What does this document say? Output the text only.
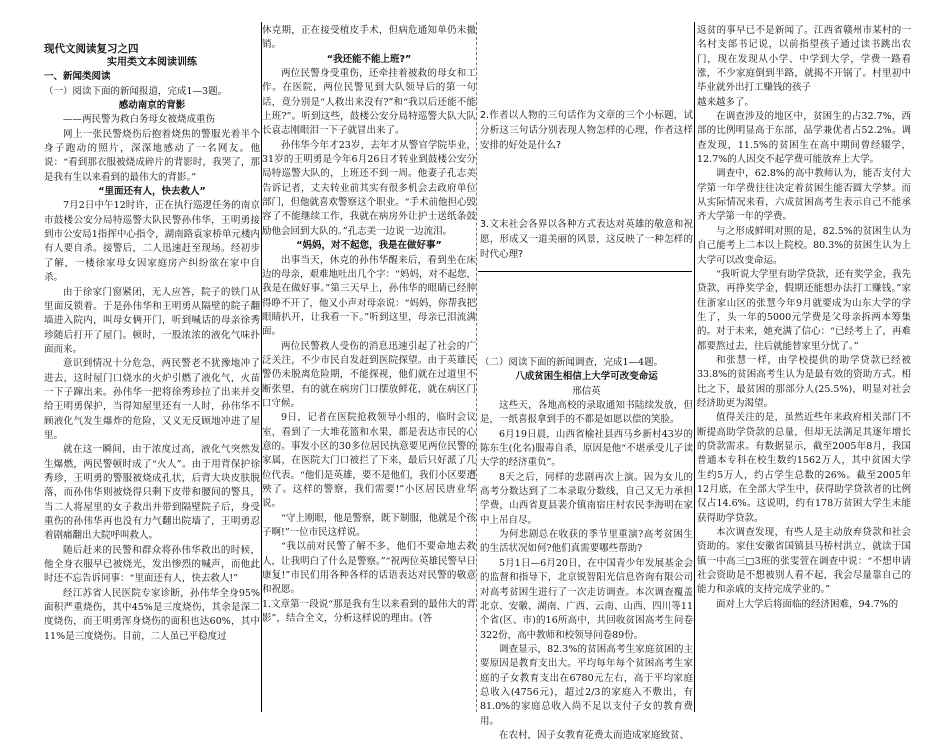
现代文阅读复习之四

实用类文本阅读训练

一、新闻类阅读

（一）阅读下面的新闻报道，完成1—3题。

感动南京的背影

——两民警为救白务母女被烧成重伤

网上一张民警烧伤后抱着烧焦的警服光着半个身子跑动的照片，深深地感动了一名网友。他说：“看到那衣服被烧成碎片的背影时，我哭了，那是我有生以来看到的最伟大的背影。”

“里面还有人，快去救人”

7月2日中午12时许，正在执行巡逻任务的南京市鼓楼公安分局特巡警大队民警孙伟华，王明勇接到市公安局1指挥中心指令，湖南路袁家桥单元楼内有人要自杀。接警后，二人迅速赶至现场。经初步了解，一楼徐家母女因家庭房产纠纷欲在家中自杀。

由于徐家门窗紧闭，无人应答，院子的铁门从里面反锁着。于是孙伟华和王明勇从隔壁的院子翻墙进入院内，叫母女俩开门，听到喊话的母亲徐秀珍随后打开了屋门。顿时，一股浓浓的液化气味扑面而来。

意识到情况十分危急，两民警老不犹豫地冲了进去，这时屋门口烧水的火炉引燃了液化气，火苗一下子蹿出来。孙伟华一把将徐秀珍拉了出来并交给王明勇保护，当得知屋里还有一人时，孙伟华不顾液化气发生爆炸的危险，又义无反顾地冲进了屋里。

就在这一瞬间，由于浓度过高，液化气突然发生爆燃，两民警顿时成了“火人”。由于用背保护徐秀珍，王明勇的警服被烧成孔状，后背大块皮肤脱落，而孙伟华则被烧得只剩下皮带和腰间的警具，当二人将屋里的女子救出并带到隔壁院子后，身受重伤的孙伟华再也没有力气翻出院墙了，王明勇忍着剧痛翻出大院呼叫救人。

随后赶来的民警和群众将孙伟华救出的时候，他全身衣服早已被烧光，发出惨烈的喊声，而他此时还不忘告诉同事：“里面还有人，快去救人!”

经江苏省人民医院专家诊断，孙伟华全身95%面积严重烧伤，其中45%是三度烧伤，其余是深二度烧伤，而王明勇浑身烧伤的面积也达60%，其中11%是三度烧伤。目前，二人虽已平稳度过

休克期，正在接受植皮手术，但病危通知单仍未撤销。

“我还能不能上班?”

两位民警身受重伤，还牵挂着被救的母女和工作。在医院，两位民警见到大队领导后的第一句话，竟分别是“人救出来没有?”和“我以后还能不能上班?”。听到这些，鼓楼公安分局特巡警大队大队长袁志刚眼泪一下子就冒出来了。

孙伟华今年才23岁，去年才从警官学院毕业，31岁的王明勇是今年6月26日才转业到鼓楼公安分局特巡警大队的，上班还不到一周。他妻子孔志美告诉记者，丈夫转业前其实有很多机会去政府单位部门，但他就喜欢警察这个职业。“手术前他担心毁容了不能继续工作，我就在病房外让护士送纸条鼓励他会回到大队的。”孔志美一边说一边流泪。

“妈妈，对不起您，我是在做好事”

出事当天，休克的孙伟华醒来后，看到坐在床边的母亲，艰难地吐出几个字：“妈妈，对不起您，我是在做好事。”第三天早上，孙伟华的眼睛已经肿得睁不开了，他又小声对母亲说：“妈妈，你帮我把眼睛扒开，让我看一下。”听到这里，母亲已泪流满面。

两位民警救人受伤的消息迅速引起了社会的广泛关注，不少市民自发赶到医院探望。由于英雄民警仍未脱离危险期，不能探视，他们就在过道里不断张望，有的就在病房门口摆放鲜花，就在病区门口守候。

9日，记者在医院抢救领导小组的，临时会议室，看到了一大堆花篮和水果，都是表达市民的心意的。事发小区的30多位居民执意要见两位民警的家属，在医院大门口被拦了下来，最后只好派了几位代表。“他们是英雄，要不是他们，我们小区要遭殃了。这样的警察，我们需要!”小区居民唐业华说。

“守上刚眼，他是警察，既下制服，他就是个孩子啊!”一位市民这样说。

“我以前对民警了解不多，他们不要命地去救人，让我明白了什么是警察。”“祝两位英雄民警早日康复!”市民们用各种各样的话语表达对民警的敬意和祝愿。

1.文章第一段说“那是我有生以来看到的最伟大的背影”，结合全文，分析这样说的理由。(答

2.作者以人物的三句话作为文章的三个小标题，试分析这三句话分别表现人物怎样的心理，作者这样安排的好处是什么?

3.文末社会各界以各种方式表达对英雄的敬意和祝愿，形成又一道美丽的风景，这反映了一种怎样的时代心理?

（二）阅读下面的新闻调查，完成1—4题。

八成贫困生相信上大学可改变命运

邢信英

这些天，各地高校的录取通知书陆续发放，但是，一纸喜报拿到手的不都是如愿以偿的笑脸。

6月19日晨，山西省榆社县西马乡新村43岁的陈东生(化名)服毒自杀，原因是他“不堪承受儿子读大学的经济重负”。

8天之后，同样的悲剧再次上演。因为女儿的高考分数达到了二本录取分数线，自己又无力承担学费，山西省夏县裴介镇南宿庄村农民李海明在家中上吊自尽。

为何悲剧总在收获的季节里重演?高考贫困生的生活状况如何?他们真需要哪些帮助?

5月1日—6月20日，在中国青少年发展基金会的监督和指导下，北京锐智阳光信息咨询有限公司对高考贫困生进行了一次走访调查。本次调查覆盖北京、安徽、湖南、广西、云南、山西、四川等11个省(区、市)的16所高中，共回收贫困高考生问卷322份，高中教师和校领导问卷89份。

调查显示，82.3%的贫困高考生家庭贫困的主要原因是教育支出大。平均每年每个贫困高考生家庭的子女教育支出在6780元左右，高于平均家庭总收入(4756元)，超过2/3的家庭入不敷出，有81.0%的家庭总收入尚不足以支付子女的教育费用。

在农村，因子女教育花费太而造成家庭致贫、

返贫的事早已不是新闻了。江西省赣州市某村的一名村支部书记说，以前指望孩子通过读书跳出农门，现在发现从小学、中学到大学，学费一路看涨，不少家庭倒到半路，就揭不开锅了。村里初中毕业就外出打工赚钱的孩子

越来越多了。

在调查涉及的地区中，贫困生的占32.7%，西部的比例明显高于东部，品学兼优者占52.2%。调查发现，11.5%的贫困生在高中期间曾经辍学，12.7%的人因交不起学费可能放弃上大学。

调查中，62.8%的高中教师认为，能否支付大学第一年学费往往决定着贫困生能否圆大学梦。而从实际情况来看，六成贫困高考生表示自己不能承齐大学第一年的学费。

与之形成鲜明对照的是，82.5%的贫困生认为自己能考上二本以上院校。80.3%的贫困生认为上大学可以改变命运。

“我听说大学里有助学贷款，还有奖学金，我先贷款，再挣奖学金，假期还能想办法打工赚钱。”家住浙家山区的张慧今年9月就要成为山东大学的学生了，头一年的5000元学费是父母亲拆两本筹集的。对于未来，她充满了信心：“已经考上了，再难都要熬过去，往后就能替家里分忧了。”

和张慧一样，由学校提供的助学贷款已经被33.8%的贫困高考生认为是最有效的资助方式。相比之下，最贫困的那部分人(25.5%)，明显对社会经济助更为渴望。

值得关注的是，虽然近些年来政府相关部门不断提高助学贷款的总量，但却无法满足其逐年增长的贷款需求。有数据显示，截至2005年8月，我国普通本专科在校生数约1562万人，其中贫困大学生约5万人，约占学生总数的26%。截至2005年12月底，在全部大学生中，获得助学贷款者的比例仅占14.6%。这说明，约有178万贫困大学生未能获得助学贷款。

本次调查发现，有些人是主动放弃贷款和社会资助的。家住安徽省国镇县马桥村洪立，就读于国镇一中高三□3班的张雯萱在调查中说：“不想申请社会资助是不想被别人看不起，我会尽量靠自己的能力和亲戚的支持完成学业的。”

面对上大学后将面临的经济困难，94.7%的
